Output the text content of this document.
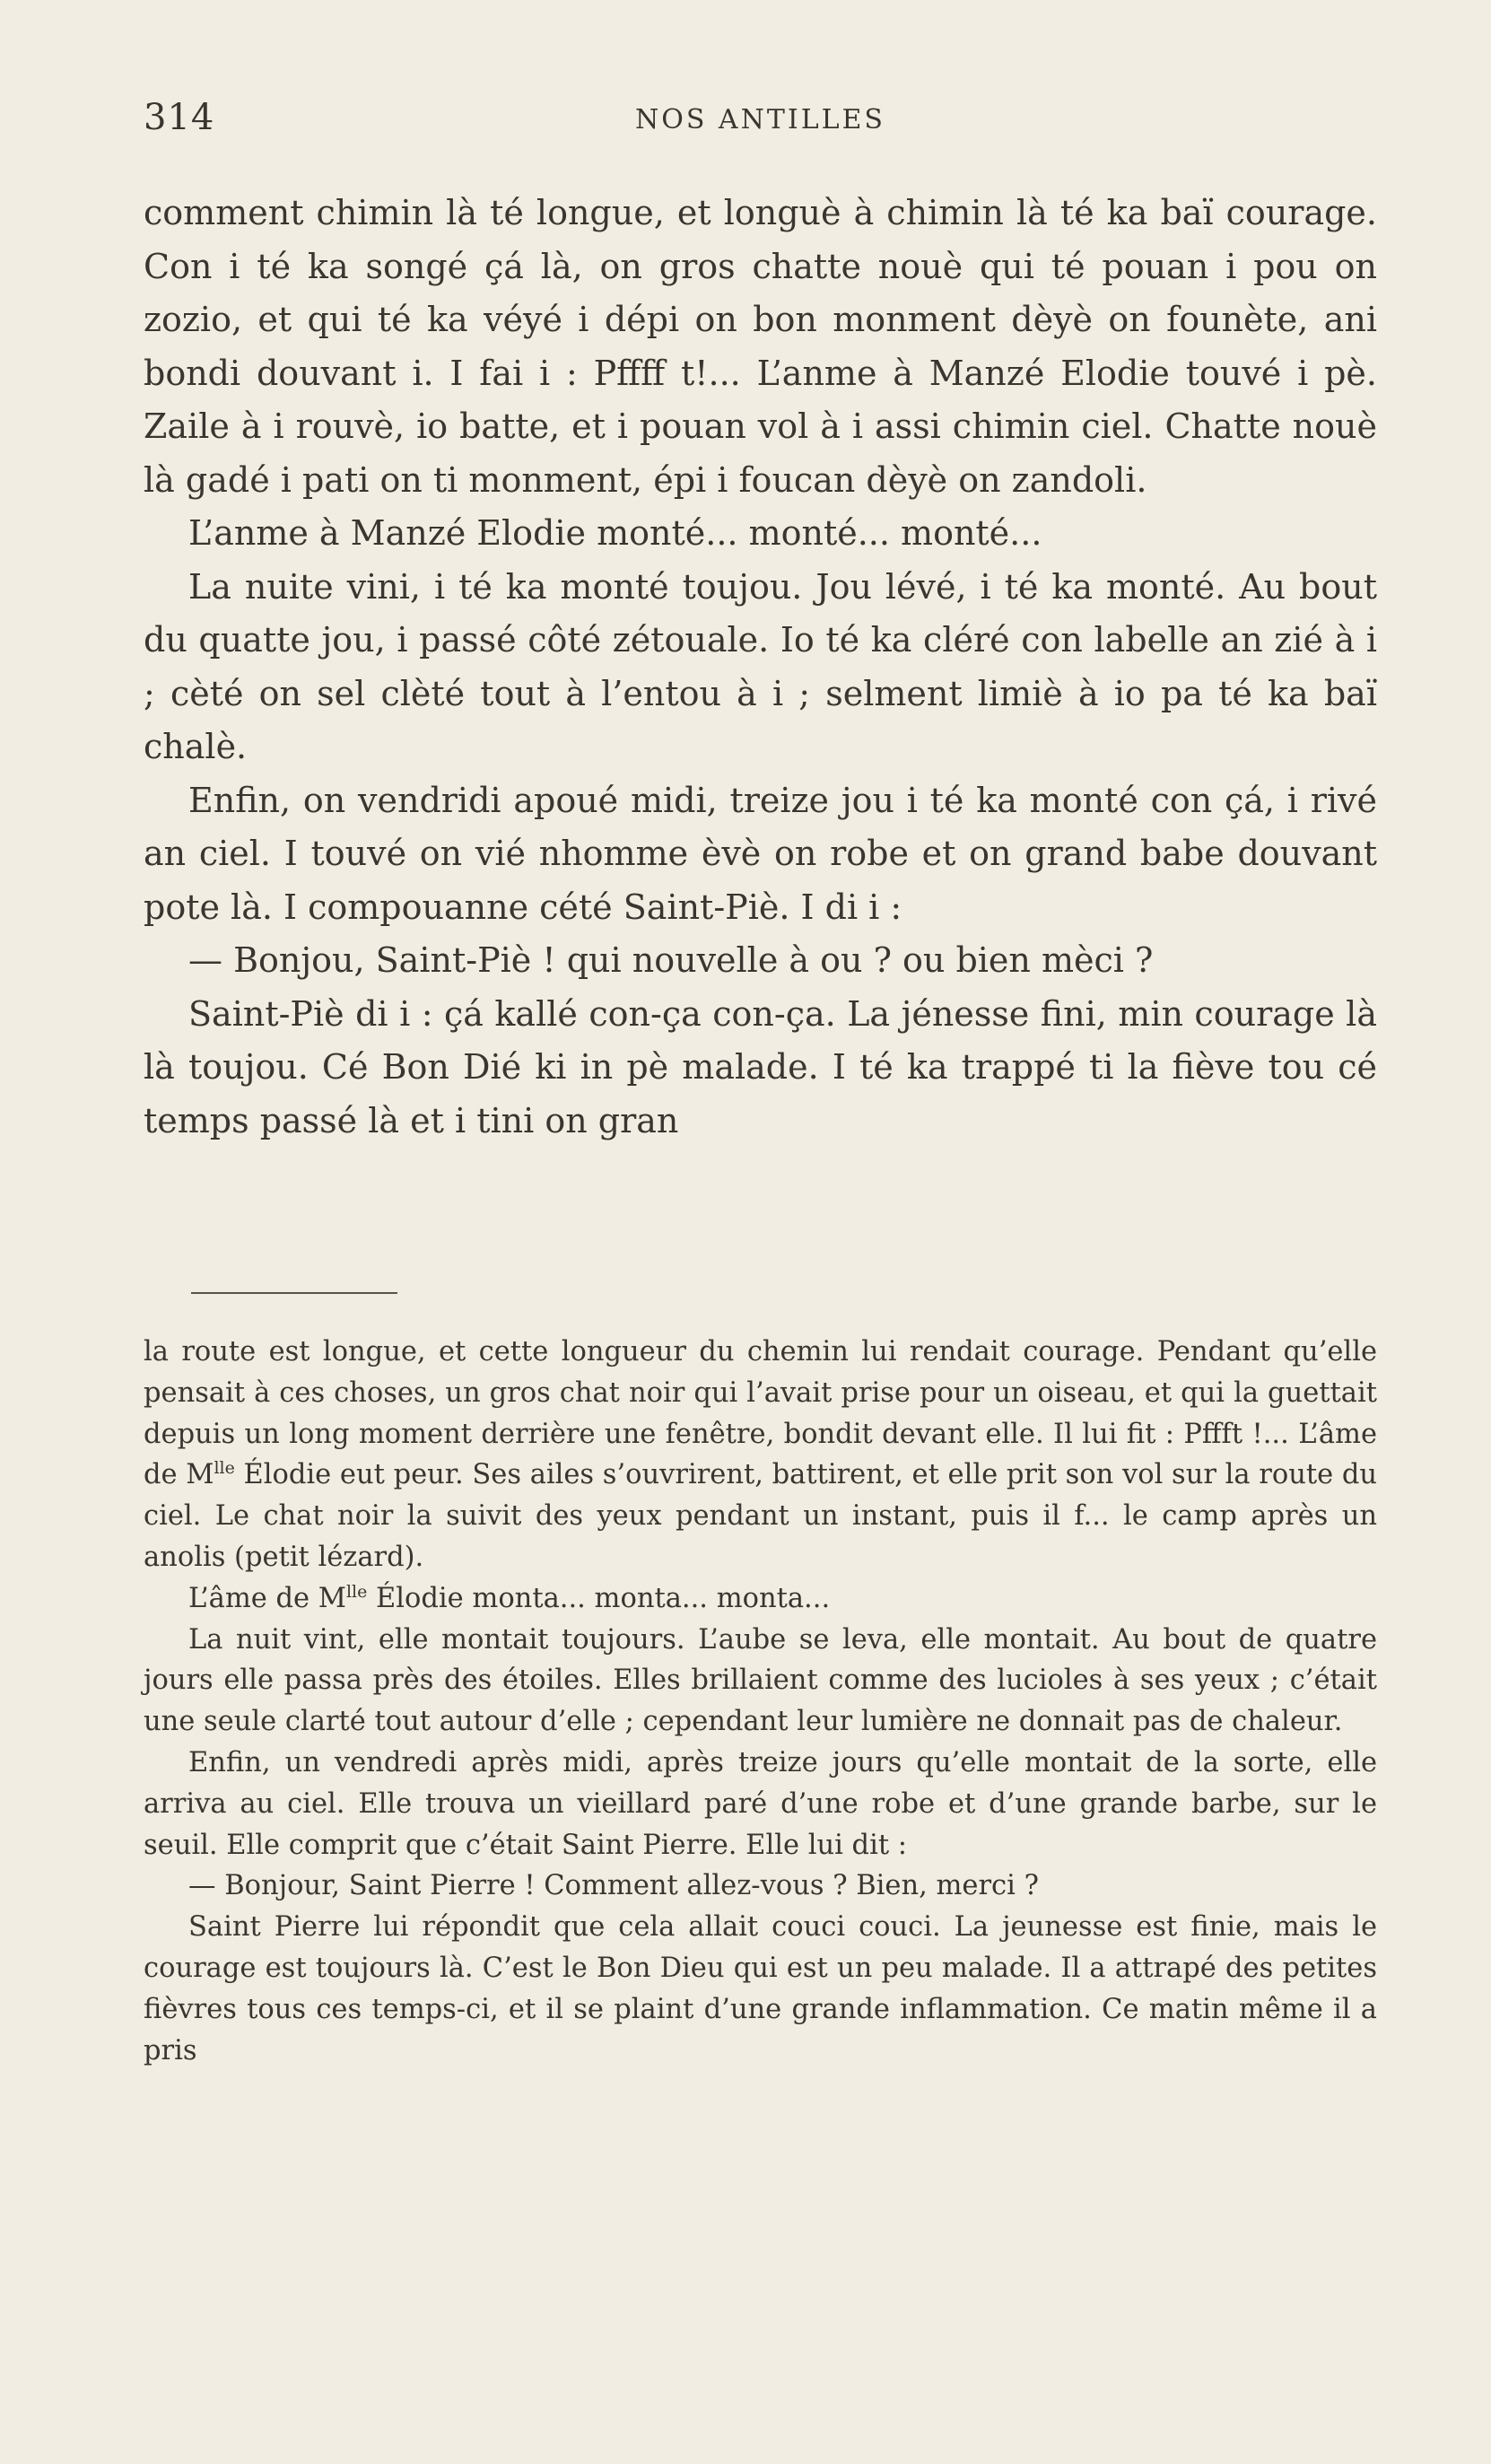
314	NOS ANTILLES

comment chimin là té longue, et longuè à chimin là té ka baï courage. Con i té ka songé çá là, on gros chatte nouè qui té pouan i pou on zozio, et qui té ka véyé i dépi on bon monment dèyè on founète, ani bondi douvant i. I fai i : Pffff t!... L’anme à Manzé Elodie touvé i pè. Zaile à i rouvè, io batte, et i pouan vol à i assi chimin ciel. Chatte nouè là gadé i pati on ti monment, épi i foucan dèyè on zandoli.

L’anme à Manzé Elodie monté... monté... monté...

La nuite vini, i té ka monté toujou. Jou lévé, i té ka monté. Au bout du quatte jou, i passé côté zétouale. Io té ka cléré con labelle an zié à i ; cèté on sel clèté tout à l’entou à i ; selment limiè à io pa té ka baï chalè.

Enfin, on vendridi apoué midi, treize jou i té ka monté con çá, i rivé an ciel. I touvé on vié nhomme èvè on robe et on grand babe douvant pote là. I compouanne cété Saint-Piè. I di i :

— Bonjou, Saint-Piè ! qui nouvelle à ou ? ou bien mèci ?

Saint-Piè di i : çá kallé con-ça con-ça. La jénesse fini, min courage là là toujou. Cé Bon Dié ki in pè malade. I té ka trappé ti la fiève tou cé temps passé là et i tini on gran

la route est longue, et cette longueur du chemin lui rendait courage. Pendant qu’elle pensait à ces choses, un gros chat noir qui l’avait prise pour un oiseau, et qui la guettait depuis un long moment derrière une fenêtre, bondit devant elle. Il lui fit : Pffft !... L’âme de $M^{lle}$ Élodie eut peur. Ses ailes s’ouvrirent, battirent, et elle prit son vol sur la route du ciel. Le chat noir la suivit des yeux pendant un instant, puis il f... le camp après un anolis (petit lézard).

L’âme de $M^{lle}$ Élodie monta... monta... monta...

La nuit vint, elle montait toujours. L’aube se leva, elle montait. Au bout de quatre jours elle passa près des étoiles. Elles brillaient comme des lucioles à ses yeux ; c’était une seule clarté tout autour d’elle ; cependant leur lumière ne donnait pas de chaleur.

Enfin, un vendredi après midi, après treize jours qu’elle montait de la sorte, elle arriva au ciel. Elle trouva un vieillard paré d’une robe et d’une grande barbe, sur le seuil. Elle comprit que c’était Saint Pierre. Elle lui dit :

— Bonjour, Saint Pierre ! Comment allez-vous ? Bien, merci ?

Saint Pierre lui répondit que cela allait couci couci. La jeunesse est finie, mais le courage est toujours là. C’est le Bon Dieu qui est un peu malade. Il a attrapé des petites fièvres tous ces temps-ci, et il se plaint d’une grande inflammation. Ce matin même il a pris
